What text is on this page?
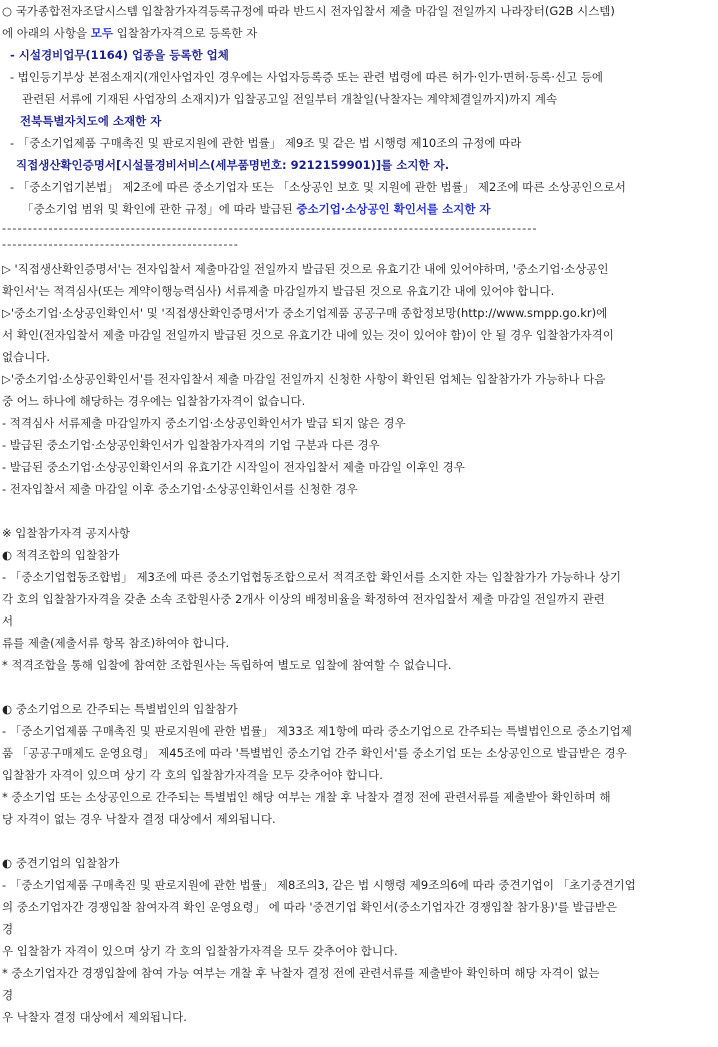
○ 국가종합전자조달시스템 입찰참가자격등록규정에 따라 반드시 전자입찰서 제출 마감일 전일까지 나라장터(G2B 시스템)
에 아래의 사항을 모두 입찰참가자격으로 등록한 자
- 시설경비업무(1164) 업종을 등록한 업체
- 법인등기부상 본점소재지(개인사업자인 경우에는 사업자등록증 또는 관련 법령에 따른 허가·인가·면허·등록·신고 등에
관련된 서류에 기재된 사업장의 소재지)가 입찰공고일 전일부터 개찰일(낙찰자는 계약체결일까지)까지 계속
전북특별자치도에 소재한 자
- 「중소기업제품 구매촉진 및 판로지원에 관한 법률」 제9조 및 같은 법 시행령 제10조의 규정에 따라
직접생산확인증명서[시설물경비서비스(세부품명번호: 9212159901)]를 소지한 자.
- 「중소기업기본법」 제2조에 따른 중소기업자 또는 「소상공인 보호 및 지원에 관한 법률」 제2조에 따른 소상공인으로서
「중소기업 범위 및 확인에 관한 규정」에 따라 발급된 중소기업·소상공인 확인서를 소지한 자
--------------------------------------------------------------------------------------------------------
----------------------------------------------
▷ '직접생산확인증명서'는 전자입찰서 제출마감일 전일까지 발급된 것으로 유효기간 내에 있어야하며, '중소기업·소상공인
확인서'는 적격심사(또는 계약이행능력심사) 서류제출 마감일까지 발급된 것으로 유효기간 내에 있어야 합니다.
▷'중소기업·소상공인확인서' 및 '직접생산확인증명서'가 중소기업제품 공공구매 종합정보망(http://www.smpp.go.kr)에
서 확인(전자입찰서 제출 마감일 전일까지 발급된 것으로 유효기간 내에 있는 것이 있어야 함)이 안 될 경우 입찰참가자격이
없습니다.
▷'중소기업·소상공인확인서'를 전자입찰서 제출 마감일 전일까지 신청한 사항이 확인된 업체는 입찰참가가 가능하나 다음
중 어느 하나에 해당하는 경우에는 입찰참가자격이 없습니다.
- 적격심사 서류제출 마감일까지 중소기업·소상공인확인서가 발급 되지 않은 경우
- 발급된 중소기업·소상공인확인서가 입찰참가자격의 기업 구분과 다른 경우
- 발급된 중소기업·소상공인확인서의 유효기간 시작일이 전자입찰서 제출 마감일 이후인 경우
- 전자입찰서 제출 마감일 이후 중소기업·소상공인확인서를 신청한 경우
※ 입찰참가자격 공지사항
◐ 적격조합의 입찰참가
- 「중소기업협동조합법」 제3조에 따른 중소기업협동조합으로서 적격조합 확인서를 소지한 자는 입찰참가가 가능하나 상기
각 호의 입찰참가자격을 갖춘 소속 조합원사중 2개사 이상의 배정비율을 확정하여 전자입찰서 제출 마감일 전일까지 관련
서
류를 제출(제출서류 항목 참조)하여야 합니다.
* 적격조합을 통해 입찰에 참여한 조합원사는 독립하여 별도로 입찰에 참여할 수 없습니다.
◐ 중소기업으로 간주되는 특별법인의 입찰참가
- 「중소기업제품 구매촉진 및 판로지원에 관한 법률」 제33조 제1항에 따라 중소기업으로 간주되는 특별법인으로 중소기업제
품 「공공구매제도 운영요령」 제45조에 따라 '특별법인 중소기업 간주 확인서'를 중소기업 또는 소상공인으로 발급받은 경우
입찰참가 자격이 있으며 상기 각 호의 입찰참가자격을 모두 갖추어야 합니다.
* 중소기업 또는 소상공인으로 간주되는 특별법인 해당 여부는 개찰 후 낙찰자 결정 전에 관련서류를 제출받아 확인하며 해
당 자격이 없는 경우 낙찰자 결정 대상에서 제외됩니다.
◐ 중견기업의 입찰참가
- 「중소기업제품 구매촉진 및 판로지원에 관한 법률」 제8조의3, 같은 법 시행령 제9조의6에 따라 중견기업이 「초기중견기업
의 중소기업자간 경쟁입찰 참여자격 확인 운영요령」 에 따라 '중견기업 확인서(중소기업자간 경쟁입찰 참가용)'를 발급받은
경
우 입찰참가 자격이 있으며 상기 각 호의 입찰참가자격을 모두 갖추어야 합니다.
* 중소기업자간 경쟁입찰에 참여 가능 여부는 개찰 후 낙찰자 결정 전에 관련서류를 제출받아 확인하며 해당 자격이 없는
경
우 낙찰자 결정 대상에서 제외됩니다.
